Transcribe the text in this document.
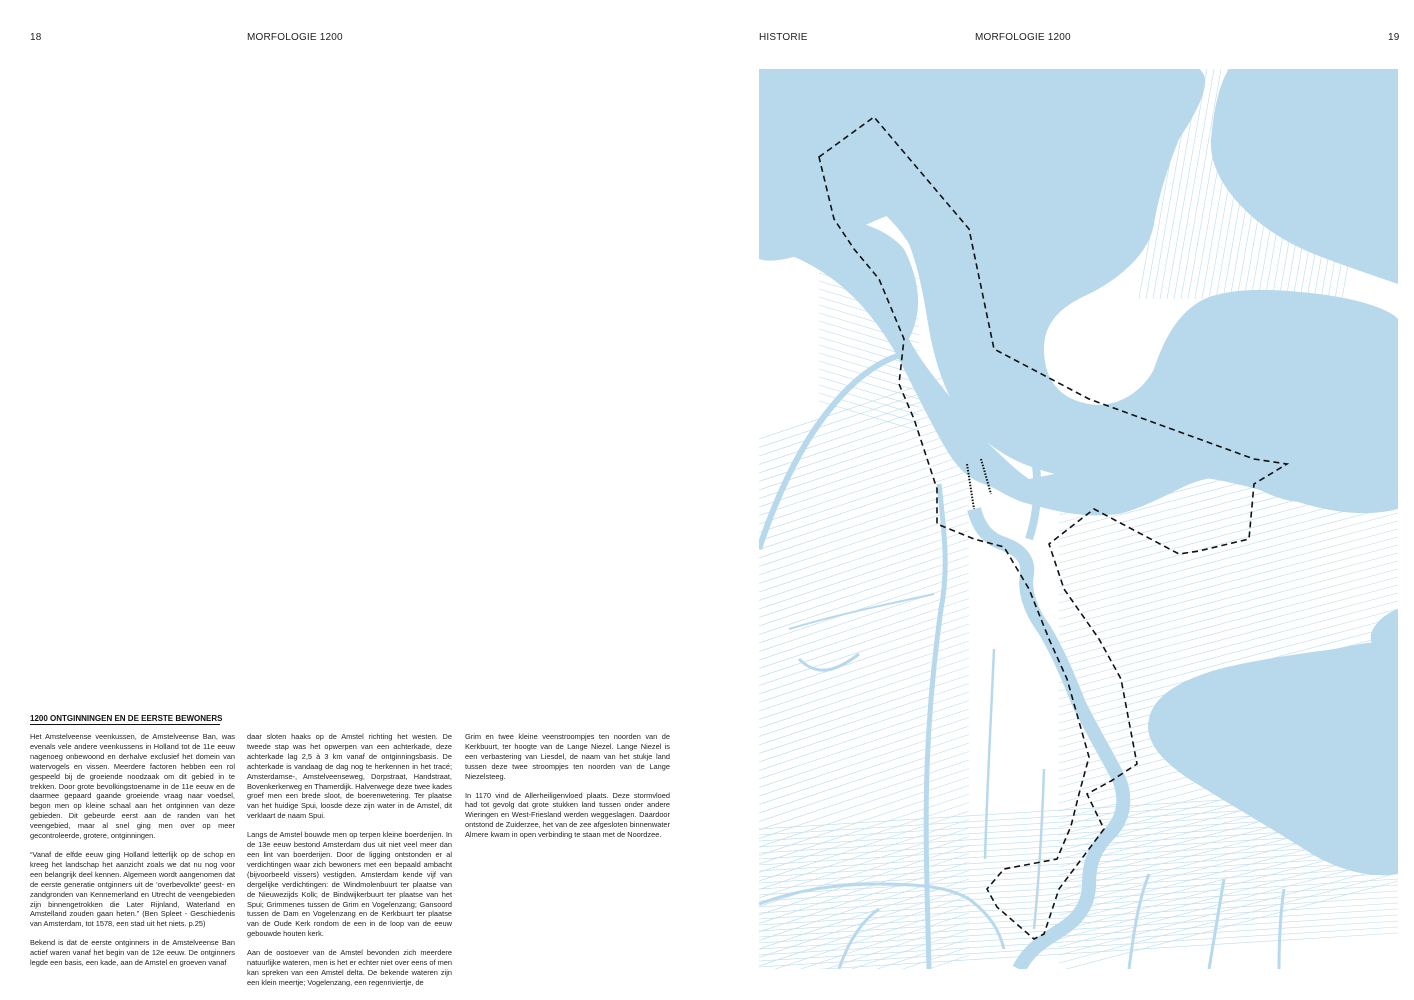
18	MORFOLOGIE 1200	HISTORIE	MORFOLOGIE 1200	19
1200 ONTGINNINGEN EN DE EERSTE BEWONERS

Het Amstelveense veenkussen, de Amstelveense Ban, was evenals vele andere veenkussens in Holland tot de 11e eeuw nagenoeg onbewoond en derhalve exclusief het domein van watervogels en vissen. Meerdere factoren hebben een rol gespeeld bij de groeiende noodzaak om dit gebied in te trekken. Door grote bevolkingstoename in de 11e eeuw en de daarmee gepaard gaande groeiende vraag naar voedsel, begon men op kleine schaal aan het ontginnen van deze gebieden. Dit gebeurde eerst aan de randen van het veengebied, maar al snel ging men over op meer gecontroleerde, grotere, ontginningen.

“Vanaf de elfde eeuw ging Holland letterlijk op de schop en kreeg het landschap het aanzicht zoals we dat nu nog voor een belangrijk deel kennen. Algemeen wordt aangenomen dat de eerste generatie ontginners uit de ‘overbevolkte’ geest- en zandgronden van Kennemerland en Utrecht de veengebieden zijn binnengetrokken die Later Rijnland, Waterland en Amstelland zouden gaan heten.” (Ben Spleet - Geschiedenis van Amsterdam, tot 1578, een stad uit het niets. p.25)

Bekend is dat de eerste ontginners in de Amstelveense Ban actief waren vanaf het begin van de 12e eeuw. De ontginners legde een basis, een kade, aan de Amstel en groeven vanaf

daar sloten haaks op de Amstel richting het westen. De tweede stap was het opwerpen van een achterkade, deze achterkade lag 2,5 à 3 km vanaf de ontginningsbasis. De achterkade is vandaag de dag nog te herkennen in het tracé; Amsterdamse-, Amstelveenseweg, Dorpstraat, Handstraat, Bovenkerkerweg en Thamerdijk. Halverwege deze twee kades groef men een brede sloot, de boerenwetering. Ter plaatse van het huidige Spui, loosde deze zijn water in de Amstel, dit verklaart de naam Spui.

Langs de Amstel bouwde men op terpen kleine boerderijen. In de 13e eeuw bestond Amsterdam dus uit niet veel meer dan een lint van boerderijen. Door de ligging ontstonden er al verdichtingen waar zich bewoners met een bepaald ambacht (bijvoorbeeld vissers) vestigden. Amsterdam kende vijf van dergelijke verdichtingen: de Windmolenbuurt ter plaatse van de Nieuwezijds Kolk; de Bindwijkerbuurt ter plaatse van het Spui; Grimmenes tussen de Grim en Vogelenzang; Gansoord tussen de Dam en Vogelenzang en de Kerkbuurt ter plaatse van de Oude Kerk rondom de een in de loop van de eeuw gebouwde houten kerk.

Aan de oostoever van de Amstel bevonden zich meerdere natuurlijke wateren, men is het er echter niet over eens of men kan spreken van een Amstel delta. De bekende wateren zijn een klein meertje; Vogelenzang, een regenriviertje, de

Grim en twee kleine veenstroompjes ten noorden van de Kerkbuurt, ter hoogte van de Lange Niezel. Lange Niezel is een verbastering van Liesdel, de naam van het stukje land tussen deze twee stroompjes ten noorden van de Lange Niezelsteeg.

In 1170 vind de Allerheiligenvloed plaats. Deze stormvloed had tot gevolg dat grote stukken land tussen onder andere Wieringen en West-Friesland werden weggeslagen. Daardoor ontstond de Zuiderzee, het van de zee afgesloten binnenwater Almere kwam in open verbinding te staan met de Noordzee.
